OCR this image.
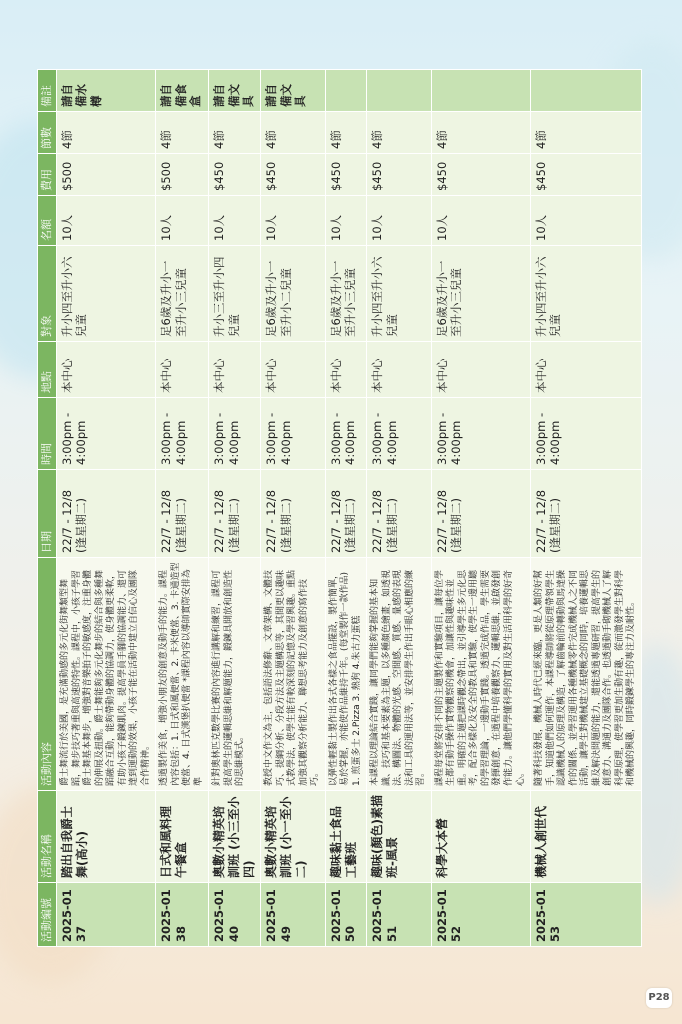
活動編號	活動名稱	活動內容	日期	時間	地點	對象	名額	費用	節數	備註
2025-0137	踏出自我爵士舞(高小)	爵士舞流行於美國，是充滿動感的多元化街舞類型舞蹈，舞步技巧著重與高速的特性。課程中，小孩子學習爵士舞基本舞步，增強對音樂拍子的敏感度，注重身體的伸展及扭動。爵士舞能夠多元化舞步的結合與多種舞蹈融合互動，能夠帶動身體的協調力，使身體更柔軟，有助小孩子鍛鍊肌肉。提高學員手腳的協調能力、還可達到運動的效果，小孩子能在活動中建立自信心及團隊合作精神。	22/7 - 12/8 (逢星期二)	3:00pm - 4:00pm	本中心	升小四至升小六兒童	10人	$500	4節	請自備水樽
2025-0138	日式和風料理午餐盒	透過製作美食，增強小朋友的創意及動手的能力。課程內容包括：1. 日式和風便當、2. 卡米便當、3. 卡通造型便當、4. 日式漢堡扒便當 *課程內容以導師實際安排為準	22/7 - 12/8 (逢星期二)	3:00pm - 4:00pm	本中心	足6歲及升小一至升小三兒童	10人	$500	4節	請自備食盒
2025-0140	奧數小精英培訓班 (小三至小四)	針對奧林匹克數學比賽的內容進行講解和練習，課程可提高學生的邏輯思維和解題能力，鍛鍊具開放和創造性的思維模式。	22/7 - 12/8 (逢星期二)	3:00pm - 4:00pm	本中心	升小三至升小四兒童	10人	$450	4節	請自備文具
2025-0149	奧數小精英培訓班 (小一至小二)	教授中文作文為主，包括語法修辭、文章架構、文體技巧、提綱分析、分段方法及主題構思等，其間更以趣味式教學法，使學生能有較深刻的記憶及學習興趣。重點加強其觀察分析能力、聯想思考能力及創意的寫作技巧。	22/7 - 12/8 (逢星期二)	3:00pm - 4:00pm	本中心	足6歲及升小一至升小二兒童	10人	$450	4節	請自備文具
2025-0150	趣味黏土食品工藝班	以彈性輕黏土製作出各式各樣之食品擺設，製作簡單，易於掌握，亦能使作品維持千年。(每堂製作一款作品) 1. 煎蛋多士 2.Pizza 3. 熱狗 4.朱古力蛋糕	22/7 - 12/8 (逢星期二)	3:00pm - 4:00pm	本中心	足6歲及升小一至升小三兒童	10人	$450	4節	
2025-0151	趣味(顏色)素描班-風景	本課程以理論結合實踐，讓同學們能夠掌握的基本知識、技巧和基本要素為主題，以多種顏色繪畫，如透視法、構圖法、物體的光感、空間感、質感、量感的表現法和工具的運用法等，並安排學生作出手眼心相應的練習。	22/7 - 12/8 (逢星期二)	3:00pm - 4:00pm	本中心	升小四至升小六兒童	10人	$450	4節	
2025-0152	科學大本營	課程每堂將安排不同的主題製作和實驗項目，讓每位學生都有動手操作實物觀察的機會，加讓性與趣味性並重。明確的主題把課時觀念帶出，並引導學生多元化思考，配合多樣化及安全的教具和實驗，使學生一邊用聽的學習理論，一邊動手實踐。透過完成作品，學生需要發揮創意，在過程中培養觀察力、邏輯思維，並啟發創作能力。讓他們學懂科學的實用及對生活用科學的好奇心。	22/7 - 12/8 (逢星期二)	3:00pm - 4:00pm	本中心	足6歲及升小一至升小三兒童	10人	$450	4節	
2025-0153	機械人創世代	隨著科技發展，機械人時代已經來臨，更是人類的好幫手，知道他們如何運作，本課程導師將從原理帶領學生認識機械人的原理及構造，了解齒輪前的轉動與馬達操作的關係，並學習運用各種機械零件完成機械人之不同活動，讓學生對機械建立基礎概念的同時，培養邏輯思維及解決問題的能力，還能透過專題研習，提高學生的創意力、溝通力及團隊合作。也透過動手砌機械人了解科學原理，使學習更加生動有趣，從而激發學生對科學和機械的興趣，同時鍛鍊學生的專注力及耐性。	22/7 - 12/8 (逢星期二)	3:00pm - 4:00pm	本中心	升小四至升小六兒童	10人	$450	4節	
P28
